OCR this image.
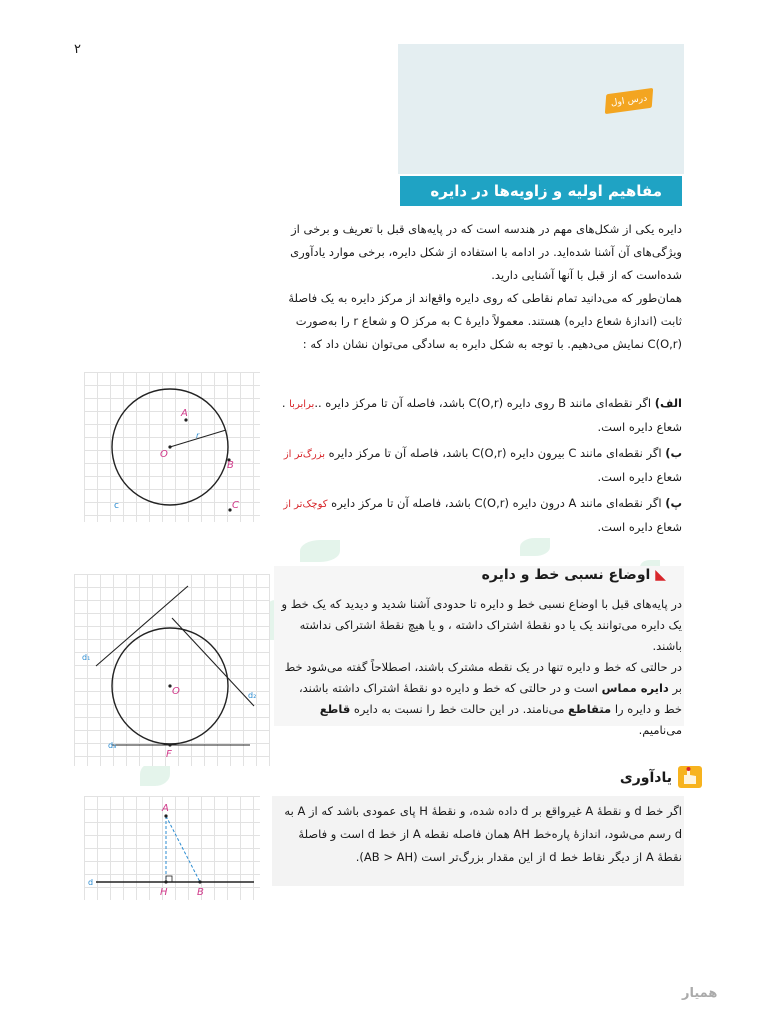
۲
درس اول
مفاهیم اولیه و زاویه‌ها در دایره
دایره یکی از شکل‌های مهم در هندسه است که در پایه‌های قبل با تعریف و برخی از ویژگی‌های آن آشنا شده‌اید. در ادامه با استفاده از شکل دایره، برخی موارد یادآوری شده‌است که از قبل با آنها آشنایی دارید.
همان‌طور که می‌دانید تمام نقاطی که روی دایره واقع‌اند از مرکز دایره به یک فاصلهٔ ثابت (اندازهٔ شعاع دایره) هستند. معمولاً دایرهٔ C به مرکز O و شعاع r را به‌صورت C(O,r) نمایش می‌دهیم. با توجه به شکل دایره به سادگی می‌توان نشان داد که :
الف) اگر نقطه‌ای مانند B روی دایره C(O,r) باشد، فاصله آن تا مرکز دایره ..برابربا . شعاع دایره است.
ب) اگر نقطه‌ای مانند C بیرون دایره C(O,r) باشد، فاصله آن تا مرکز دایره بزرگ‌تر از شعاع دایره است.
پ) اگر نقطه‌ای مانند A درون دایره C(O,r) باشد، فاصله آن تا مرکز دایره کوچک‌تر از شعاع دایره است.
◣ اوضاع نسبی خط و دایره
در پایه‌های قبل با اوضاع نسبی خط و دایره تا حدودی آشنا شدید و دیدید که یک خط و یک دایره می‌توانند یک یا دو نقطهٔ اشتراک داشته ، و یا هیچ نقطهٔ اشتراکی نداشته باشند.
در حالتی که خط و دایره تنها در یک نقطه مشترک باشند، اصطلاحاً گفته می‌شود خط بر دایره مماس است و در حالتی که خط و دایره دو نقطهٔ اشتراک داشته باشند، خط و دایره را متقاطع می‌نامند. در این حالت خط را نسبت به دایره قاطع می‌نامیم.
یادآوری
اگر خط d و نقطهٔ A غیرواقع بر d داده شده، و نقطهٔ H پای عمودی باشد که از A به d رسم می‌شود، اندازهٔ پاره‌خط AH همان فاصله نقطه A از خط d است و فاصلهٔ نقطهٔ A از دیگر نقاط خط d از این مقدار بزرگ‌تر است (AB > AH).
A
O
B
C
r
c
O
F
d₁
d₂
d₃
A
H	B
d
همیار
